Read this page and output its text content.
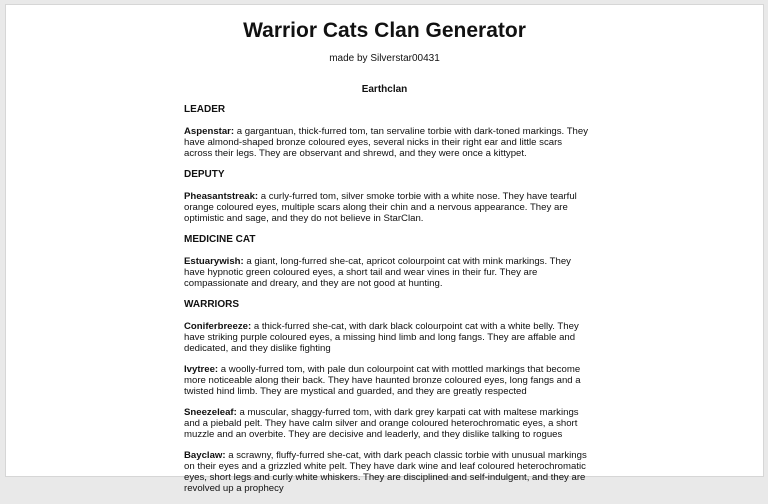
Warrior Cats Clan Generator
made by Silverstar00431
Earthclan
LEADER
Aspenstar: a gargantuan, thick-furred tom, tan servaline torbie with dark-toned markings. They have almond-shaped bronze coloured eyes, several nicks in their right ear and little scars across their legs. They are observant and shrewd, and they were once a kittypet.
DEPUTY
Pheasantstreak: a curly-furred tom, silver smoke torbie with a white nose. They have tearful orange coloured eyes, multiple scars along their chin and a nervous appearance. They are optimistic and sage, and they do not believe in StarClan.
MEDICINE CAT
Estuarywish: a giant, long-furred she-cat, apricot colourpoint cat with mink markings. They have hypnotic green coloured eyes, a short tail and wear vines in their fur. They are compassionate and dreary, and they are not good at hunting.
WARRIORS
Coniferbreeze: a thick-furred she-cat, with dark black colourpoint cat with a white belly. They have striking purple coloured eyes, a missing hind limb and long fangs. They are affable and dedicated, and they dislike fighting
Ivytree: a woolly-furred tom, with pale dun colourpoint cat with mottled markings that become more noticeable along their back. They have haunted bronze coloured eyes, long fangs and a twisted hind limb. They are mystical and guarded, and they are greatly respected
Sneezeleaf: a muscular, shaggy-furred tom, with dark grey karpati cat with maltese markings and a piebald pelt. They have calm silver and orange coloured heterochromatic eyes, a short muzzle and an overbite. They are decisive and leaderly, and they dislike talking to rogues
Bayclaw: a scrawny, fluffy-furred she-cat, with dark peach classic torbie with unusual markings on their eyes and a grizzled white pelt. They have dark wine and leaf coloured heterochromatic eyes, short legs and curly white whiskers. They are disciplined and self-indulgent, and they are revolved up a prophecy
